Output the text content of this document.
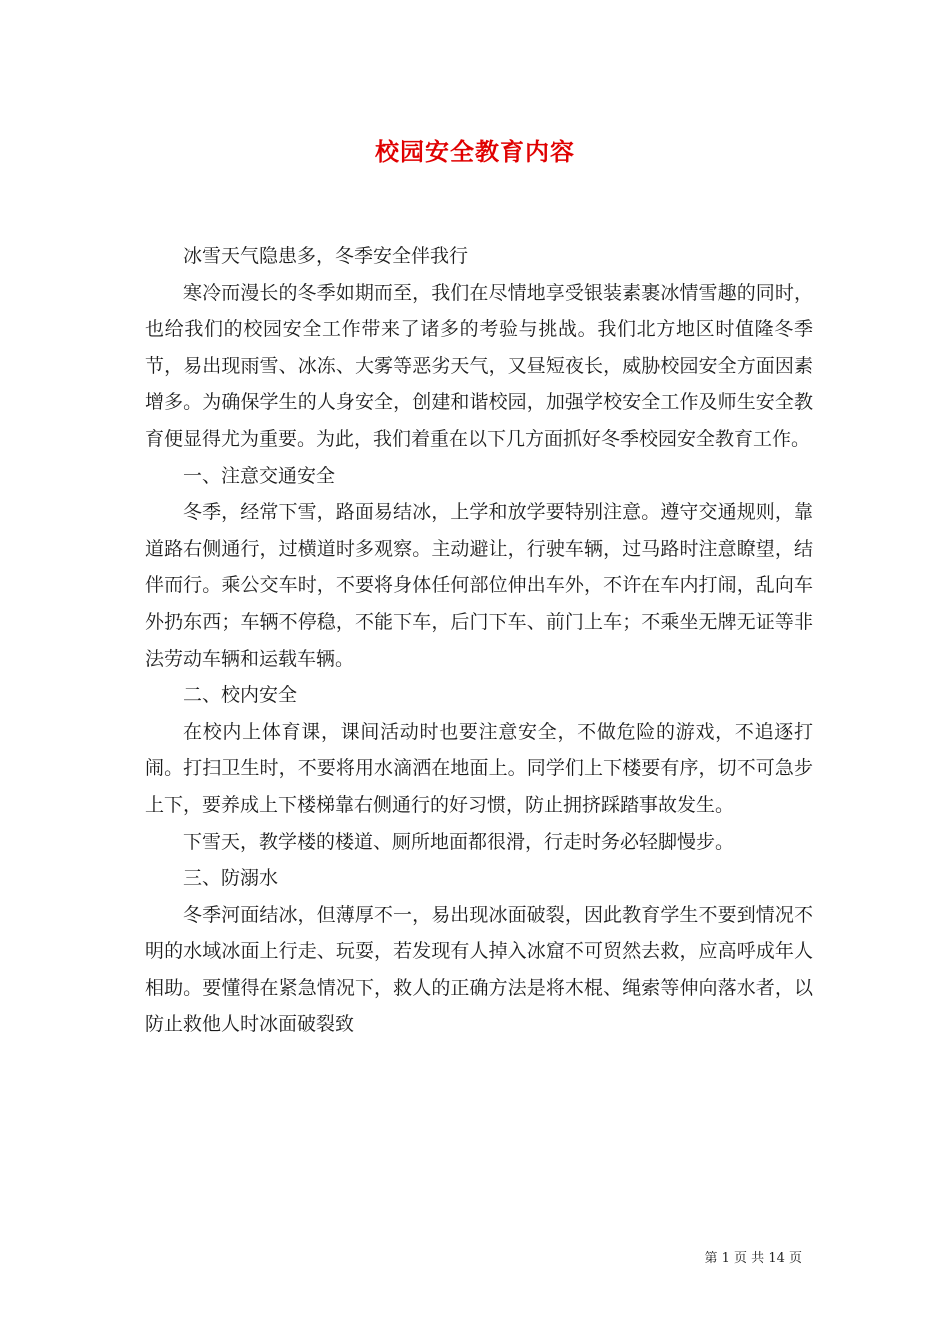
校园安全教育内容

冰雪天气隐患多，冬季安全伴我行

寒冷而漫长的冬季如期而至，我们在尽情地享受银装素裹冰情雪趣的同时，也给我们的校园安全工作带来了诸多的考验与挑战。我们北方地区时值隆冬季节，易出现雨雪、冰冻、大雾等恶劣天气，又昼短夜长，威胁校园安全方面因素增多。为确保学生的人身安全，创建和谐校园，加强学校安全工作及师生安全教育便显得尤为重要。为此，我们着重在以下几方面抓好冬季校园安全教育工作。

一、注意交通安全

冬季，经常下雪，路面易结冰，上学和放学要特别注意。遵守交通规则，靠道路右侧通行，过横道时多观察。主动避让，行驶车辆，过马路时注意瞭望，结伴而行。乘公交车时，不要将身体任何部位伸出车外，不许在车内打闹，乱向车外扔东西；车辆不停稳，不能下车，后门下车、前门上车；不乘坐无牌无证等非法劳动车辆和运载车辆。

二、校内安全

在校内上体育课，课间活动时也要注意安全，不做危险的游戏，不追逐打闹。打扫卫生时，不要将用水滴洒在地面上。同学们上下楼要有序，切不可急步上下，要养成上下楼梯靠右侧通行的好习惯，防止拥挤踩踏事故发生。

下雪天，教学楼的楼道、厕所地面都很滑，行走时务必轻脚慢步。

三、防溺水

冬季河面结冰，但薄厚不一，易出现冰面破裂，因此教育学生不要到情况不明的水域冰面上行走、玩耍，若发现有人掉入冰窟不可贸然去救，应高呼成年人相助。要懂得在紧急情况下，救人的正确方法是将木棍、绳索等伸向落水者，以防止救他人时冰面破裂致

第 1 页 共 14 页
